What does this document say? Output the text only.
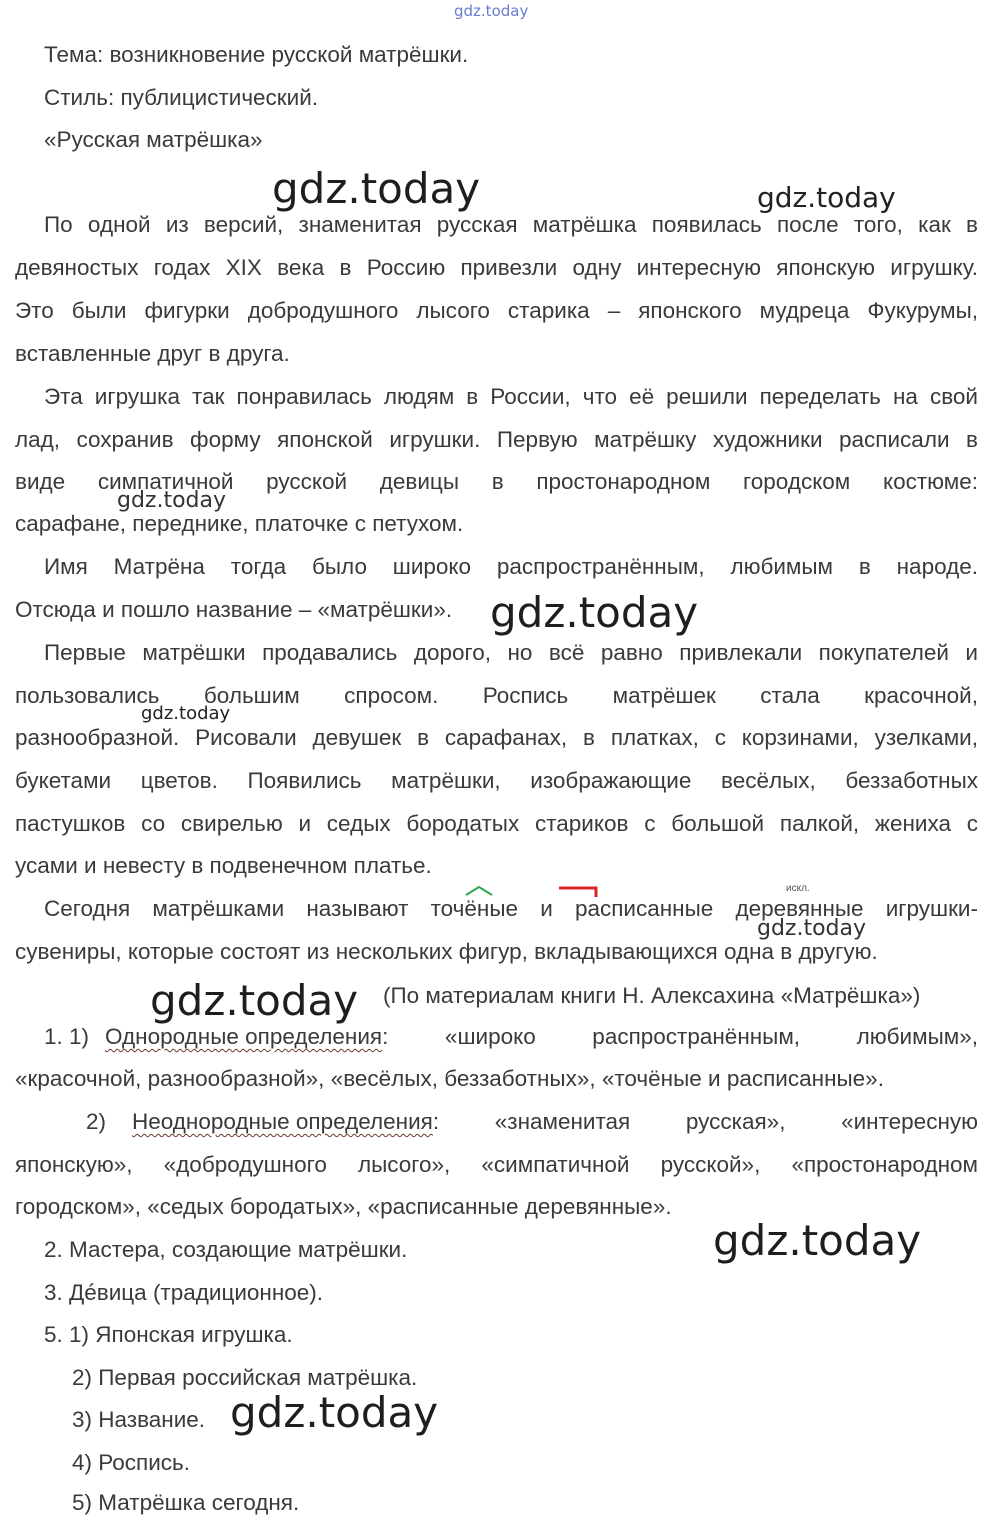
gdz.today
Тема: возникновение русской матрёшки.
Стиль: публицистический.
«Русская матрёшка»
По одной из версий, знаменитая русская матрёшка появилась после того, как в
девяностых годах XIX века в Россию привезли одну интересную японскую игрушку.
Это были фигурки добродушного лысого старика – японского мудреца Фукурумы,
вставленные друг в друга.
Эта игрушка так понравилась людям в России, что её решили переделать на свой
лад, сохранив форму японской игрушки. Первую матрёшку художники расписали в
виде симпатичной русской девицы в простонародном городском костюме:
сарафане, переднике, платочке с петухом.
Имя Матрёна тогда было широко распространённым, любимым в народе.
Отсюда и пошло название – «матрёшки».
Первые матрёшки продавались дорого, но всё равно привлекали покупателей и
пользовались большим спросом. Роспись матрёшек стала красочной,
разнообразной. Рисовали девушек в сарафанах, в платках, с корзинами, узелками,
букетами цветов. Появились матрёшки, изображающие весёлых, беззаботных
пастушков со свирелью и седых бородатых стариков с большой палкой, жениха с
усами и невесту в подвенечном платье.
искл.
Сегодня матрёшками называют точёные и расписанные деревянные игрушки-
сувениры, которые состоят из нескольких фигур, вкладывающихся одна в другую.
(По материалам книги Н. Алексахина «Матрёшка»)
1. 1) Однородные определения : «широко распространённым, любимым»,
«красочной, разнообразной», «весёлых, беззаботных», «точёные и расписанные».
2) Неоднородные определения : «знаменитая русская», «интересную
японскую», «добродушного лысого», «симпатичной русской», «простонародном
городском», «седых бородатых», «расписанные деревянные».
2. Мастера, создающие матрёшки.
3. Дéвица (традиционное).
5. 1) Японская игрушка.
2) Первая российская матрёшка.
3) Название.
4) Роспись.
5) Матрёшка сегодня.
gdz.today	gdz.today
gdz.today
gdz.today
gdz.today
gdz.today
gdz.today
gdz.today
gdz.today
